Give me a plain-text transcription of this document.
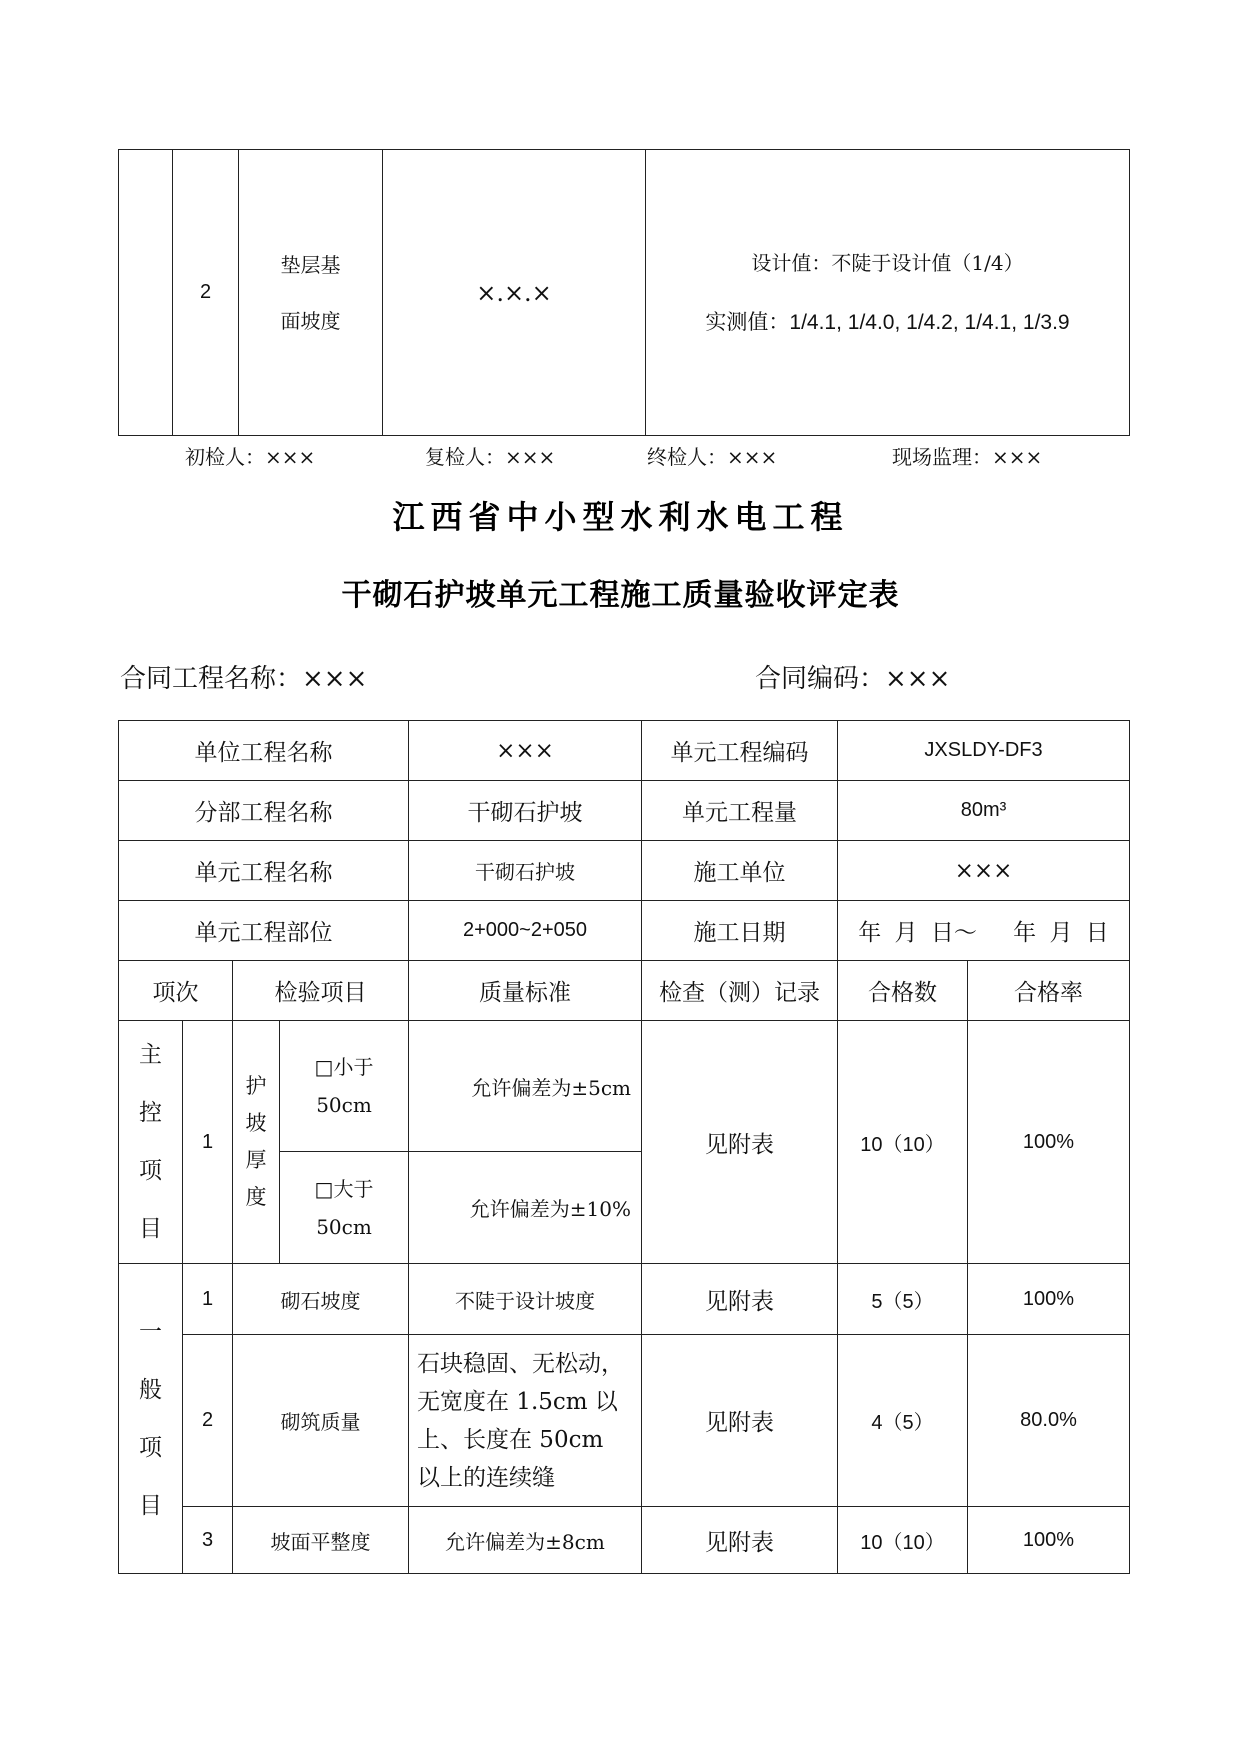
	2	垫层基
面坡度	×.×.×	
设计值：不陡于设计值（1/4）
实测值：1/4.1, 1/4.0, 1/4.2, 1/4.1, 1/3.9
初检人：×××	复检人：×××	终检人：×××	现场监理：×××
江西省中小型水利水电工程
干砌石护坡单元工程施工质量验收评定表
合同工程名称：×××	合同编码：×××
单位工程名称				×××	单元工程编码	JXSLDY-DF3	
分部工程名称				干砌石护坡	单元工程量	80m³	
单元工程名称				干砌石护坡	施工单位	×××	
单元工程部位				2+000~2+050	施工日期	年 月 日～　 年 月 日	
项次		检验项目		质量标准	检查（测）记录	合格数	合格率
主控项目	1	护坡厚度	□小于50cm	允许偏差为±5cm	见附表	10（10）	100%
			□大于50cm	允许偏差为±10%			
一般项目	1	砌石坡度		不陡于设计坡度	见附表	5（5）	100%
	2	砌筑质量		石块稳固、无松动，无宽度在 1.5cm 以上、长度在 50cm 以上的连续缝	见附表	4（5）	80.0%
	3	坡面平整度		允许偏差为±8cm	见附表	10（10）	100%
